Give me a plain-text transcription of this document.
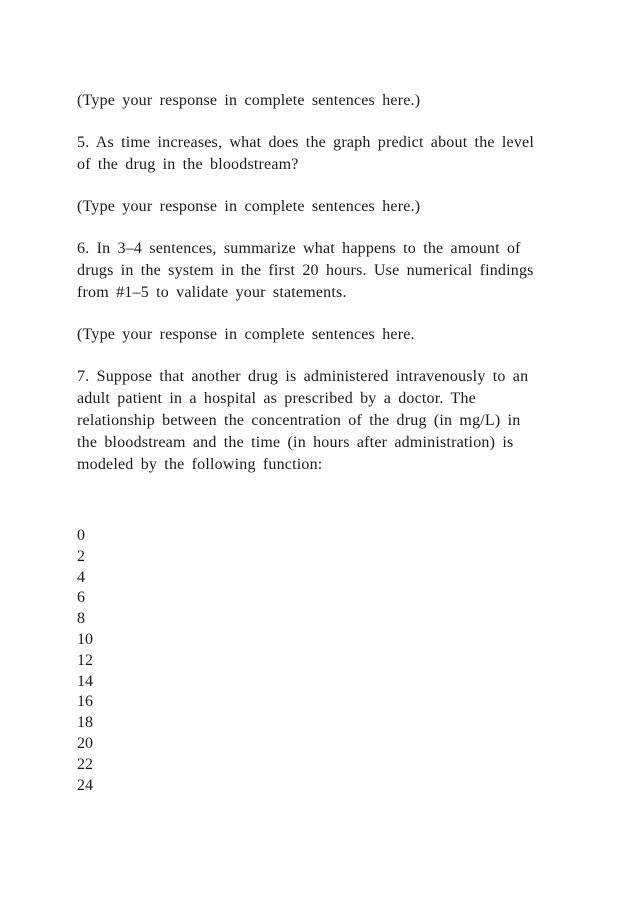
(Type your response in complete sentences here.)

5. As time increases, what does the graph predict about the level
of the drug in the bloodstream?

(Type your response in complete sentences here.)

6. In 3–4 sentences, summarize what happens to the amount of
drugs in the system in the first 20 hours. Use numerical findings
from #1–5 to validate your statements.

(Type your response in complete sentences here.

7. Suppose that another drug is administered intravenously to an
adult patient in a hospital as prescribed by a doctor. The
relationship between the concentration of the drug (in mg/L) in
the bloodstream and the time (in hours after administration) is
modeled by the following function:

0
2
4
6
8
10
12
14
16
18
20
22
24
